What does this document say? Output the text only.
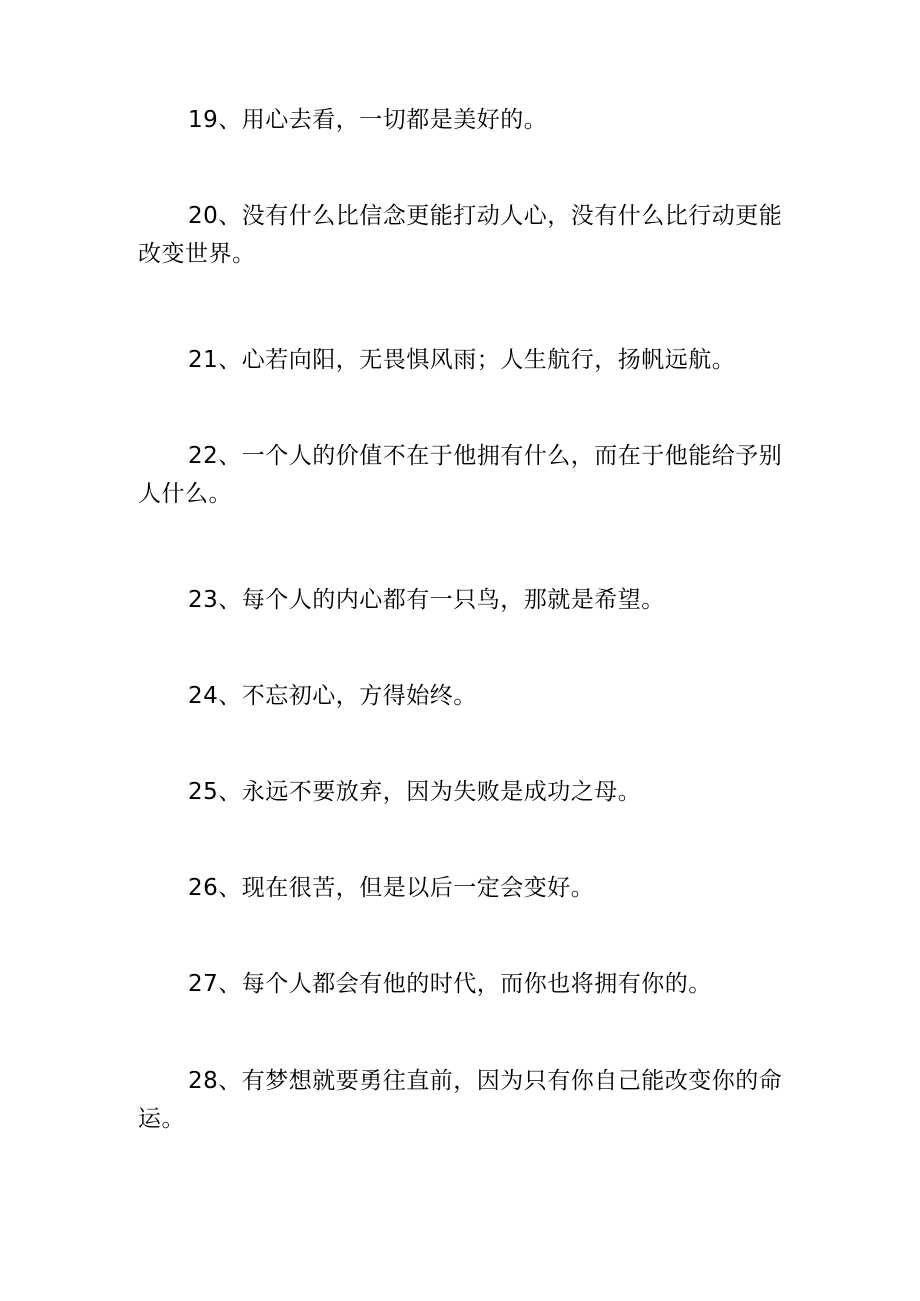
19、用心去看，一切都是美好的。

20、没有什么比信念更能打动人心，没有什么比行动更能改变世界。

21、心若向阳，无畏惧风雨；人生航行，扬帆远航。

22、一个人的价值不在于他拥有什么，而在于他能给予别人什么。

23、每个人的内心都有一只鸟，那就是希望。

24、不忘初心，方得始终。

25、永远不要放弃，因为失败是成功之母。

26、现在很苦，但是以后一定会变好。

27、每个人都会有他的时代，而你也将拥有你的。

28、有梦想就要勇往直前，因为只有你自己能改变你的命运。
